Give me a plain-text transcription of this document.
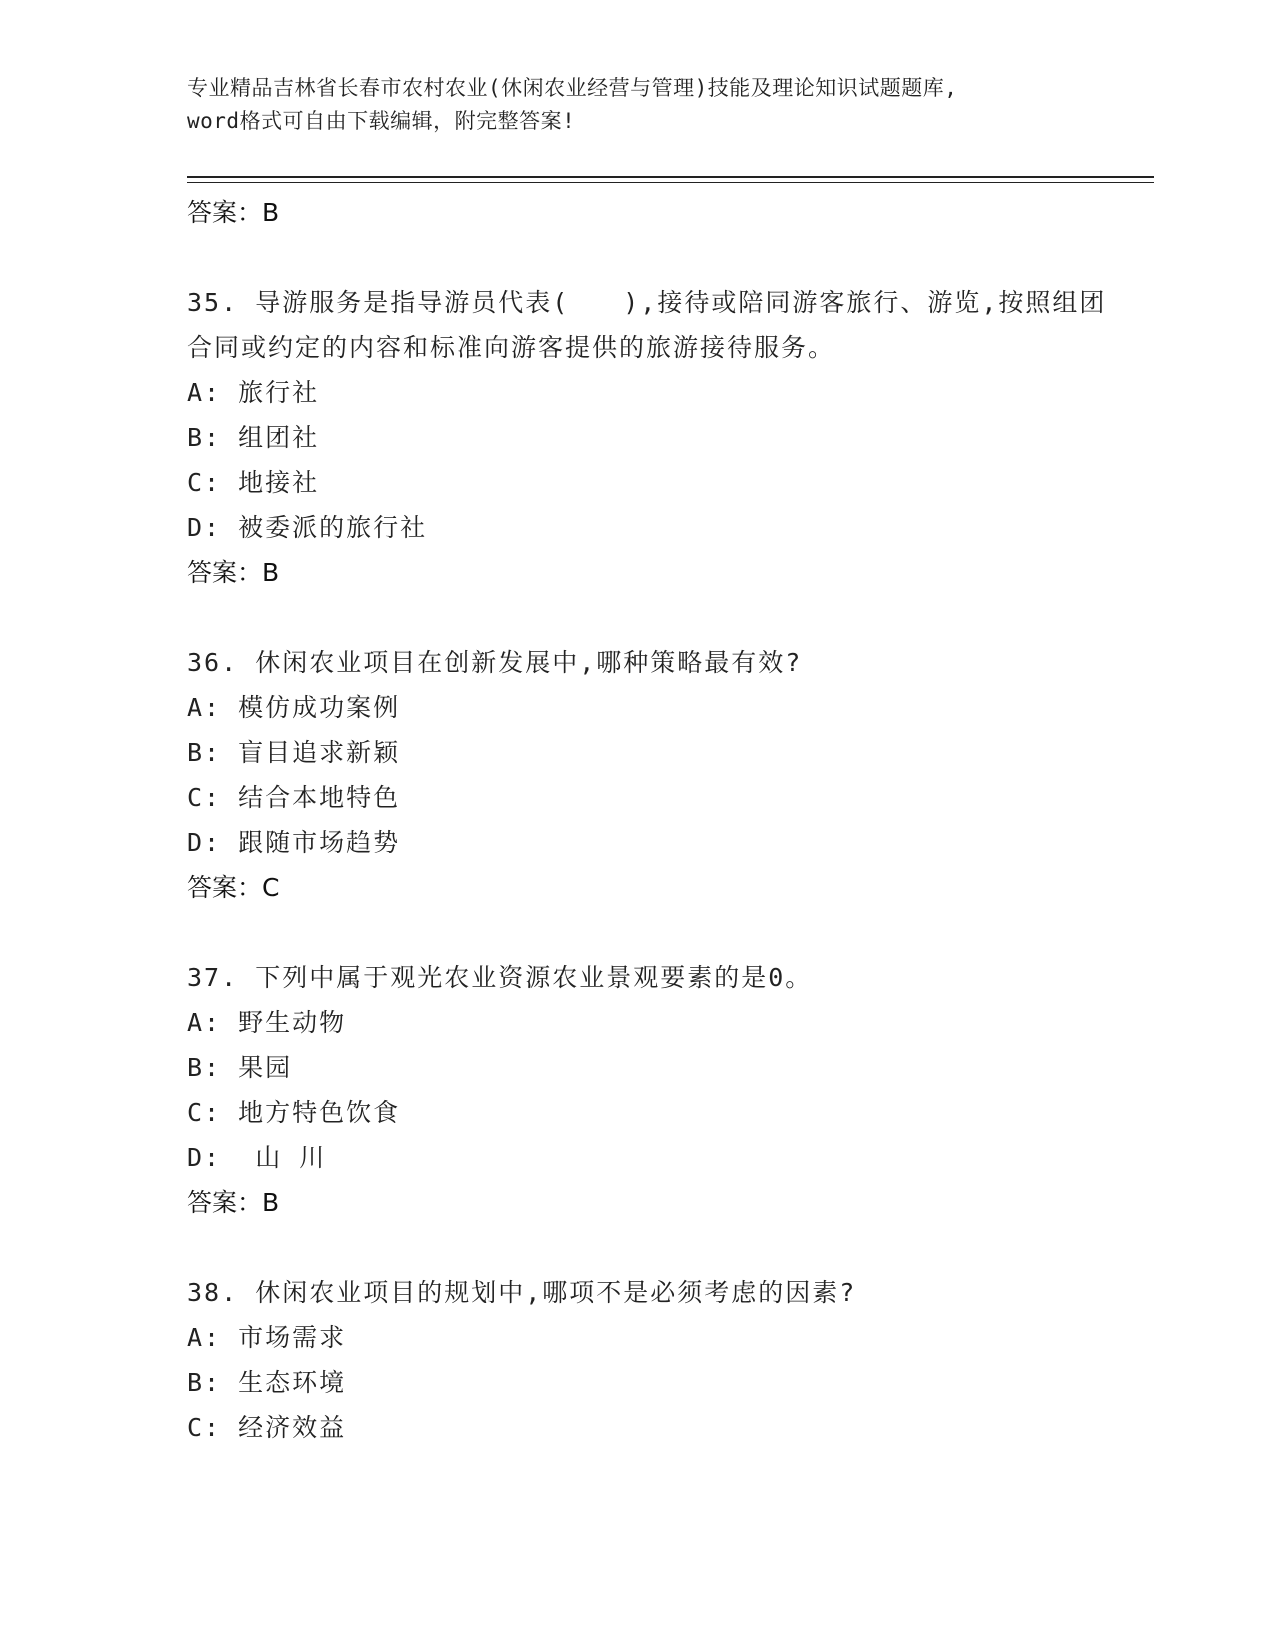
专业精品吉林省长春市农村农业(休闲农业经营与管理)技能及理论知识试题题库,
word格式可自由下载编辑，附完整答案!
答案：B
35. 导游服务是指导游员代表(　　),接待或陪同游客旅行、游览,按照组团合同或约定的内容和标准向游客提供的旅游接待服务。
A: 旅行社
B: 组团社
C: 地接社
D: 被委派的旅行社
答案：B
36. 休闲农业项目在创新发展中,哪种策略最有效?
A: 模仿成功案例
B: 盲目追求新颖
C: 结合本地特色
D: 跟随市场趋势
答案：C
37. 下列中属于观光农业资源农业景观要素的是0。
A: 野生动物
B: 果园
C: 地方特色饮食
D:  山 川
答案：B
38. 休闲农业项目的规划中,哪项不是必须考虑的因素?
A: 市场需求
B: 生态环境
C: 经济效益
